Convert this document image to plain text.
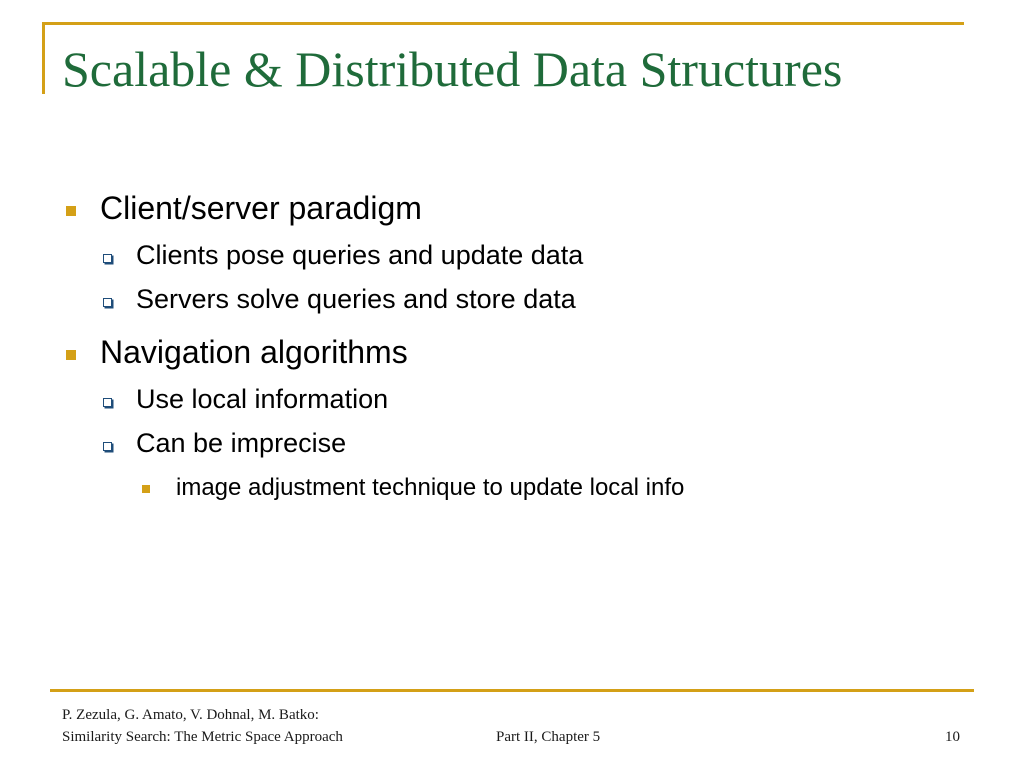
Scalable & Distributed Data Structures
Client/server paradigm
Clients pose queries and update data
Servers solve queries and store data
Navigation algorithms
Use local information
Can be imprecise
image adjustment technique to update local info
P. Zezula, G. Amato, V. Dohnal, M. Batko:
Similarity Search: The Metric Space Approach	Part II, Chapter 5	10
